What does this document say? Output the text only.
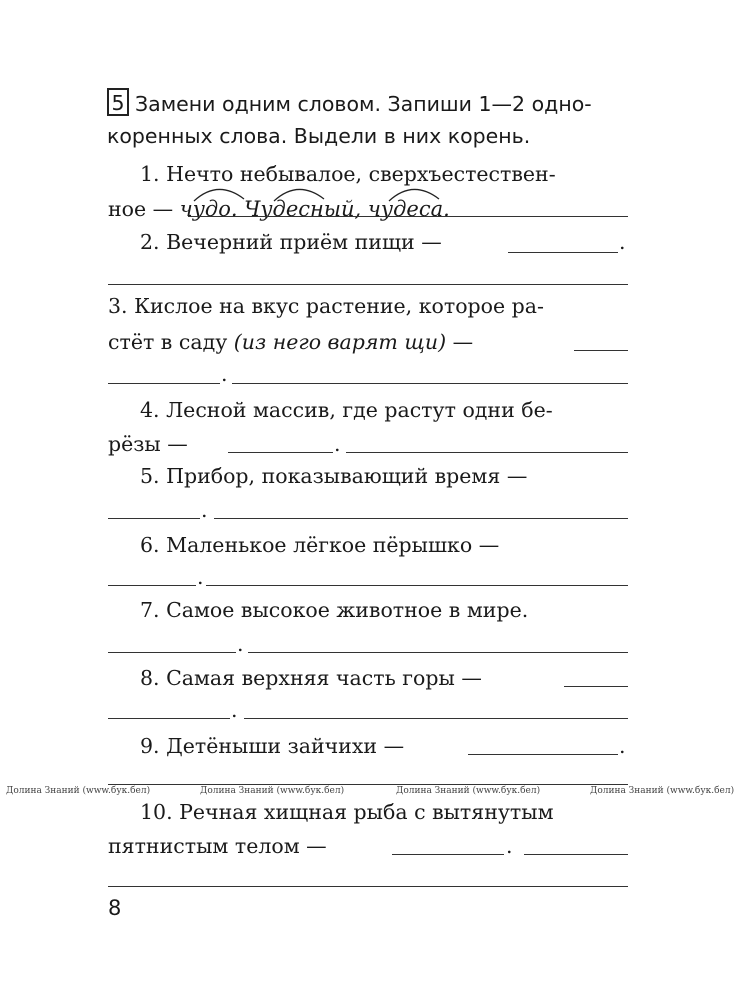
5 Замени одним словом. Запиши 1—2 одно-
коренных слова. Выдели в них корень.
1. Нечто небывалое, сверхъестествен-
ное — чудо. Чудесный, чудеса.
2. Вечерний приём пищи —	.
3. Кислое на вкус растение, которое ра-
стёт в саду (из него варят щи) —
.
4. Лесной массив, где растут одни бе-
рёзы —	.
5. Прибор, показывающий время —
.
6. Маленькое лёгкое пёрышко —
.
7. Самое высокое животное в мире.
.
8. Самая верхняя часть горы —
.
9. Детёныши зайчихи —	.
Долина Знаний (www.бук.бел)	Долина Знаний (www.бук.бел)	Долина Знаний (www.бук.бел)	Долина Знаний (www.бук.бел)
10. Речная хищная рыба с вытянутым
пятнистым телом —	.
8
